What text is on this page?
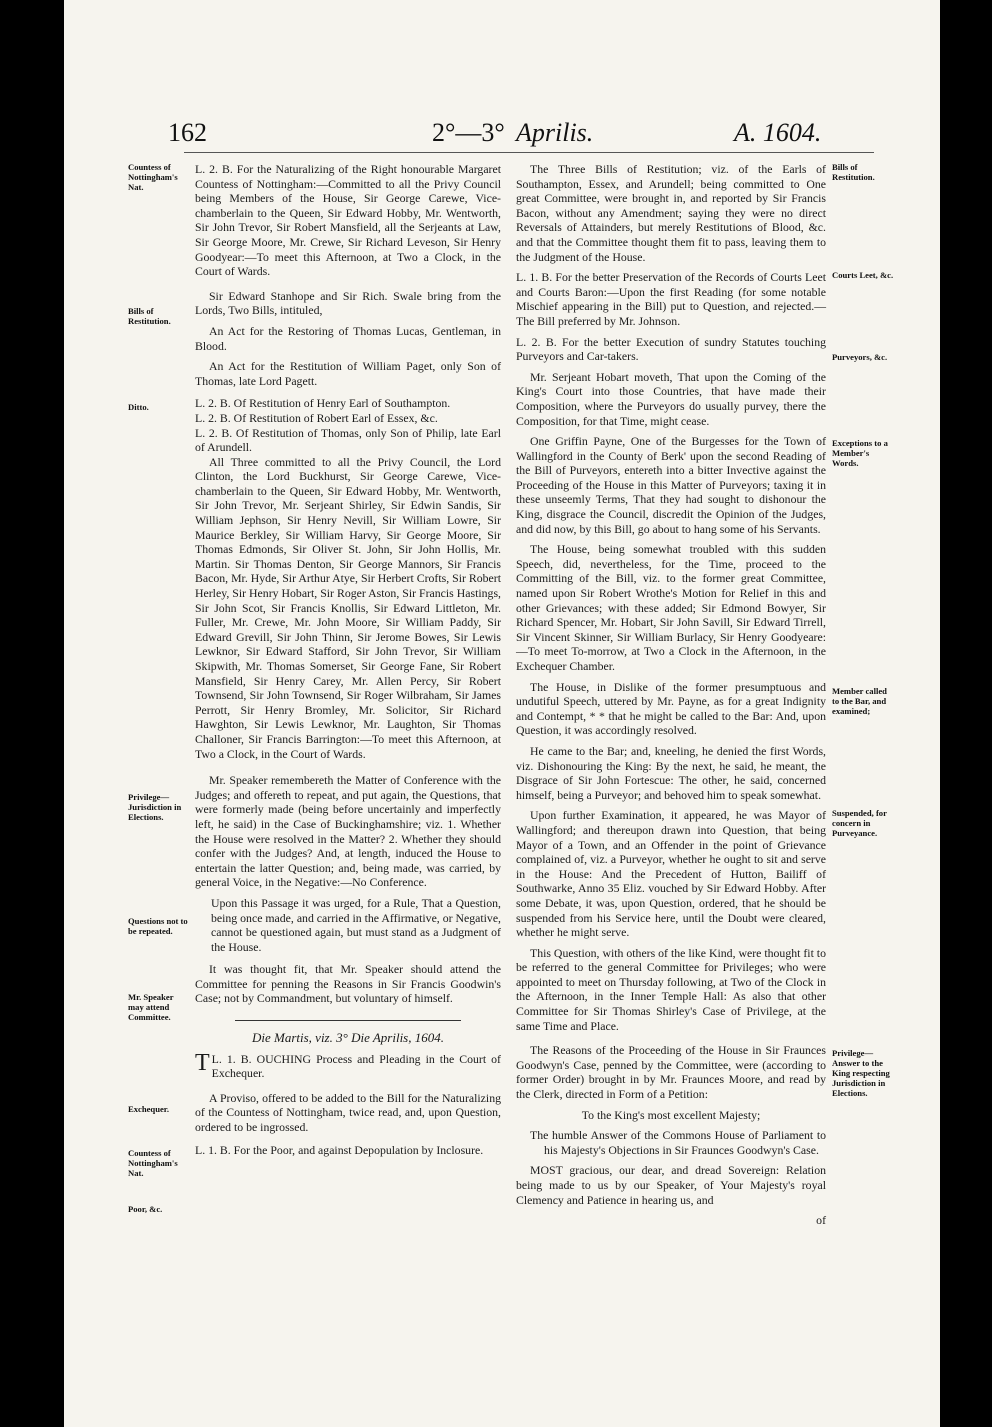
162	2°—3° Aprilis.	A. 1604.
Countess of Nottingham's Nat.
Bills of Restitution.
Ditto.
Privilege—Jurisdiction in Elections.
Questions not to be repeated.
Mr. Speaker may attend Committee.
Exchequer.
Countess of Nottingham's Nat.
Poor, &c.

L. 2. B. For the Naturalizing of the Right honourable Margaret Countess of Nottingham:—Committed to all the Privy Council being Members of the House, Sir George Carewe, Vice-chamberlain to the Queen, Sir Edward Hobby, Mr. Wentworth, Sir John Trevor, Sir Robert Mansfield, all the Serjeants at Law, Sir George Moore, Mr. Crewe, Sir Richard Leveson, Sir Henry Goodyear:—To meet this Afternoon, at Two a Clock, in the Court of Wards.

Sir Edward Stanhope and Sir Rich. Swale bring from the Lords, Two Bills, intituled,

An Act for the Restoring of Thomas Lucas, Gentleman, in Blood.

An Act for the Restitution of William Paget, only Son of Thomas, late Lord Pagett.

L. 2. B. Of Restitution of Henry Earl of Southampton.

L. 2. B. Of Restitution of Robert Earl of Essex, &c.

L. 2. B. Of Restitution of Thomas, only Son of Philip, late Earl of Arundell.

All Three committed to all the Privy Council, the Lord Clinton, the Lord Buckhurst, Sir George Carewe, Vice-chamberlain to the Queen, Sir Edward Hobby, Mr. Wentworth, Sir John Trevor, Mr. Serjeant Shirley, Sir Edwin Sandis, Sir William Jephson, Sir Henry Nevill, Sir William Lowre, Sir Maurice Berkley, Sir William Harvy, Sir George Moore, Sir Thomas Edmonds, Sir Oliver St. John, Sir John Hollis, Mr. Martin. Sir Thomas Denton, Sir George Mannors, Sir Francis Bacon, Mr. Hyde, Sir Arthur Atye, Sir Herbert Crofts, Sir Robert Herley, Sir Henry Hobart, Sir Roger Aston, Sir Francis Hastings, Sir John Scot, Sir Francis Knollis, Sir Edward Littleton, Mr. Fuller, Mr. Crewe, Mr. John Moore, Sir William Paddy, Sir Edward Grevill, Sir John Thinn, Sir Jerome Bowes, Sir Lewis Lewknor, Sir Edward Stafford, Sir John Trevor, Sir William Skipwith, Mr. Thomas Somerset, Sir George Fane, Sir Robert Mansfield, Sir Henry Carey, Mr. Allen Percy, Sir Robert Townsend, Sir John Townsend, Sir Roger Wilbraham, Sir James Perrott, Sir Henry Bromley, Mr. Solicitor, Sir Richard Hawghton, Sir Lewis Lewknor, Mr. Laughton, Sir Thomas Challoner, Sir Francis Barrington:—To meet this Afternoon, at Two a Clock, in the Court of Wards.

Mr. Speaker remembereth the Matter of Conference with the Judges; and offereth to repeat, and put again, the Questions, that were formerly made (being before uncertainly and imperfectly left, he said) in the Case of Buckinghamshire; viz. 1. Whether the House were resolved in the Matter? 2. Whether they should confer with the Judges? And, at length, induced the House to entertain the latter Question; and, being made, was carried, by general Voice, in the Negative:—No Conference.

Upon this Passage it was urged, for a Rule, That a Question, being once made, and carried in the Affirmative, or Negative, cannot be questioned again, but must stand as a Judgment of the House.

It was thought fit, that Mr. Speaker should attend the Committee for penning the Reasons in Sir Francis Goodwin's Case; not by Commandment, but voluntary of himself.

Die Martis, viz. 3° Die Aprilis, 1604.

L. 1. B.
T	OUCHING Process and Pleading in the Court of Exchequer.

A Proviso, offered to be added to the Bill for the Naturalizing of the Countess of Nottingham, twice read, and, upon Question, ordered to be ingrossed.

L. 1. B. For the Poor, and against Depopulation by Inclosure.

The Three Bills of Restitution; viz. of the Earls of Southampton, Essex, and Arundell; being committed to One great Committee, were brought in, and reported by Sir Francis Bacon, without any Amendment; saying they were no direct Reversals of Attainders, but merely Restitutions of Blood, &c. and that the Committee thought them fit to pass, leaving them to the Judgment of the House.

L. 1. B. For the better Preservation of the Records of Courts Leet and Courts Baron:—Upon the first Reading (for some notable Mischief appearing in the Bill) put to Question, and rejected.—The Bill preferred by Mr. Johnson.

L. 2. B. For the better Execution of sundry Statutes touching Purveyors and Car-takers.

Mr. Serjeant Hobart moveth, That upon the Coming of the King's Court into those Countries, that have made their Composition, where the Purveyors do usually purvey, there the Composition, for that Time, might cease.

One Griffin Payne, One of the Burgesses for the Town of Wallingford in the County of Berk' upon the second Reading of the Bill of Purveyors, entereth into a bitter Invective against the Proceeding of the House in this Matter of Purveyors; taxing it in these unseemly Terms, That they had sought to dishonour the King, disgrace the Council, discredit the Opinion of the Judges, and did now, by this Bill, go about to hang some of his Servants.

The House, being somewhat troubled with this sudden Speech, did, nevertheless, for the Time, proceed to the Committing of the Bill, viz. to the former great Committee, named upon Sir Robert Wrothe's Motion for Relief in this and other Grievances; with these added; Sir Edmond Bowyer, Sir Richard Spencer, Mr. Hobart, Sir John Savill, Sir Edward Tirrell, Sir Vincent Skinner, Sir William Burlacy, Sir Henry Goodyeare:—To meet To-morrow, at Two a Clock in the Afternoon, in the Exchequer Chamber.

The House, in Dislike of the former presumptuous and undutiful Speech, uttered by Mr. Payne, as for a great Indignity and Contempt, * * that he might be called to the Bar: And, upon Question, it was accordingly resolved.

He came to the Bar; and, kneeling, he denied the first Words, viz. Dishonouring the King: By the next, he said, he meant, the Disgrace of Sir John Fortescue: The other, he said, concerned himself, being a Purveyor; and behoved him to speak somewhat.

Upon further Examination, it appeared, he was Mayor of Wallingford; and thereupon drawn into Question, that being Mayor of a Town, and an Offender in the point of Grievance complained of, viz. a Purveyor, whether he ought to sit and serve in the House: And the Precedent of Hutton, Bailiff of Southwarke, Anno 35 Eliz. vouched by Sir Edward Hobby. After some Debate, it was, upon Question, ordered, that he should be suspended from his Service here, until the Doubt were cleared, whether he might serve.

This Question, with others of the like Kind, were thought fit to be referred to the general Committee for Privileges; who were appointed to meet on Thursday following, at Two of the Clock in the Afternoon, in the Inner Temple Hall: As also that other Committee for Sir Thomas Shirley's Case of Privilege, at the same Time and Place.

The Reasons of the Proceeding of the House in Sir Fraunces Goodwyn's Case, penned by the Committee, were (according to former Order) brought in by Mr. Fraunces Moore, and read by the Clerk, directed in Form of a Petition:

To the King's most excellent Majesty;

The humble Answer of the Commons House of Parliament to his Majesty's Objections in Sir Fraunces Goodwyn's Case.

MOST gracious, our dear, and dread Sovereign: Relation being made to us by our Speaker, of Your Majesty's royal Clemency and Patience in hearing us, and

of

Bills of Restitution.
Courts Leet, &c.
Purveyors, &c.
Exceptions to a Member's Words.
Member called to the Bar, and examined;
Suspended, for concern in Purveyance.
Privilege—Answer to the King respecting Jurisdiction in Elections.
